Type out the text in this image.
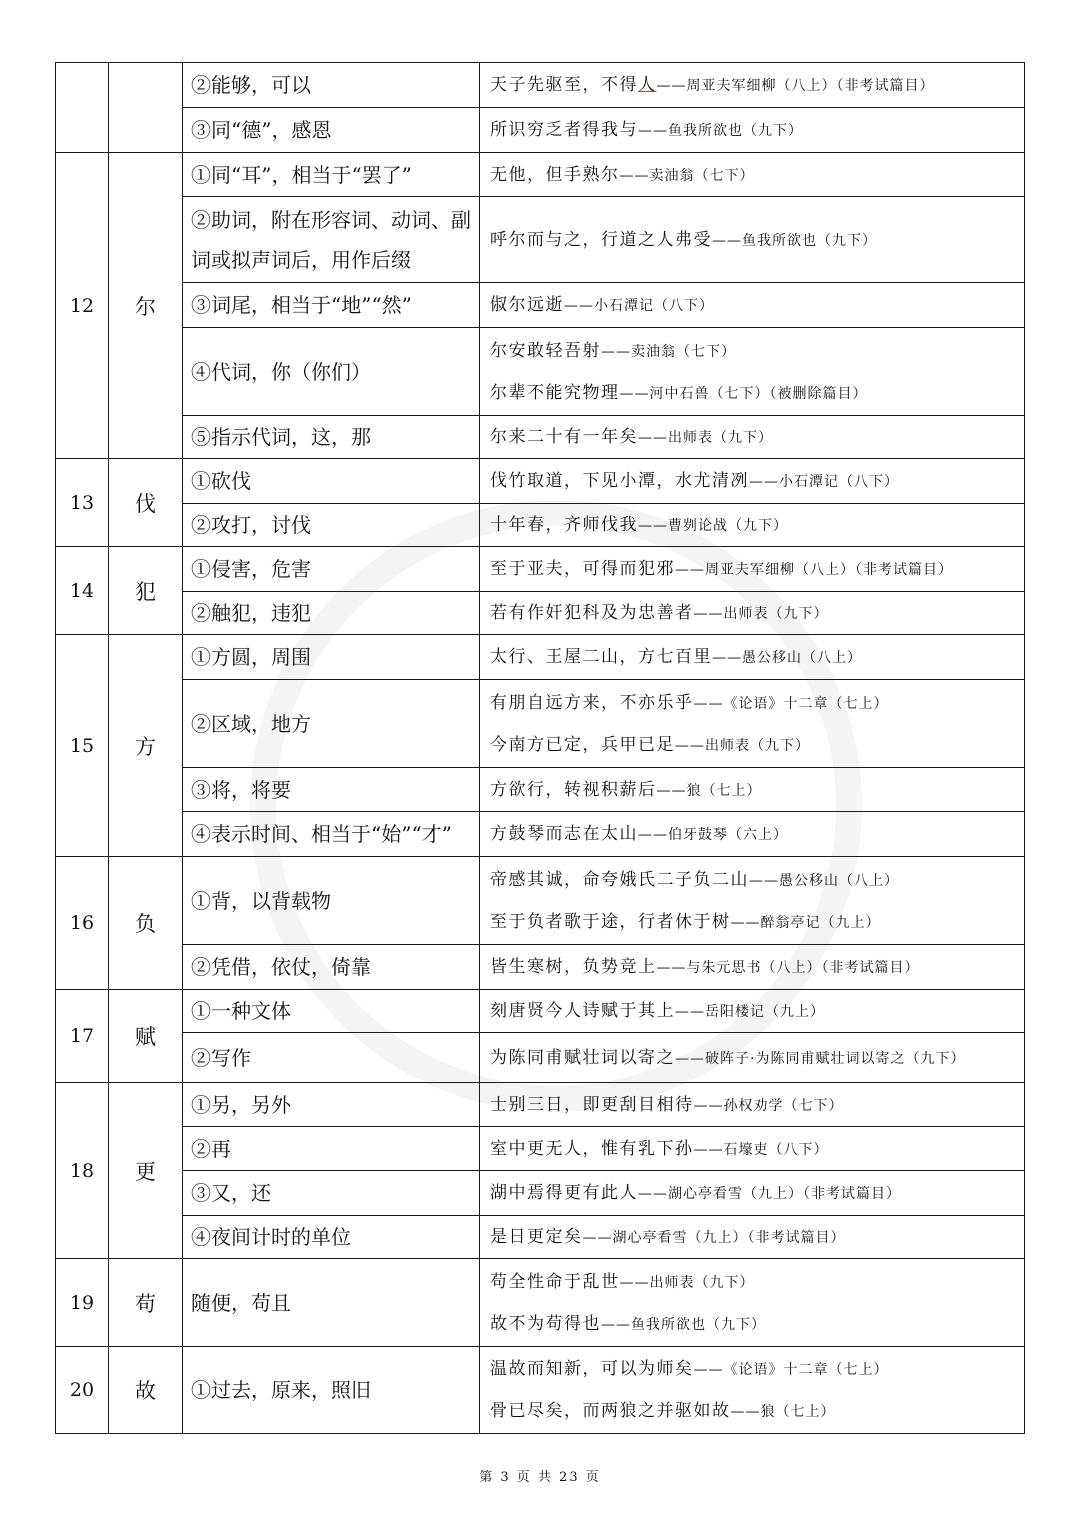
		②能够，可以	天子先驱至，不得人——周亚夫军细柳（八上）（非考试篇目）

		③同“德”，感恩	所识穷乏者得我与——鱼我所欲也（九下）

12	尔	①同“耳”，相当于“罢了”	无他，但手熟尔——卖油翁（七下）

		②助词，附在形容词、动词、副词或拟声词后，用作后缀	呼尔而与之，行道之人弗受——鱼我所欲也（九下）

		③词尾，相当于“地”“然”	俶尔远逝——小石潭记（八下）

		④代词，你（你们）	尔安敢轻吾射——卖油翁（七下）
尔辈不能究物理——河中石兽（七下）（被删除篇目）

		⑤指示代词，这，那	尔来二十有一年矣——出师表（九下）

13	伐	①砍伐	伐竹取道，下见小潭，水尤清冽——小石潭记（八下）

		②攻打，讨伐	十年春，齐师伐我——曹刿论战（九下）

14	犯	①侵害，危害	至于亚夫，可得而犯邪——周亚夫军细柳（八上）（非考试篇目）

		②触犯，违犯	若有作奸犯科及为忠善者——出师表（九下）

15	方	①方圆，周围	太行、王屋二山，方七百里——愚公移山（八上）

		②区域，地方	有朋自远方来，不亦乐乎——《论语》十二章（七上）
今南方已定，兵甲已足——出师表（九下）

		③将，将要	方欲行，转视积薪后——狼（七上）

		④表示时间、相当于“始”“才”	方鼓琴而志在太山——伯牙鼓琴（六上）

16	负	①背，以背载物	帝感其诚，命夸娥氏二子负二山——愚公移山（八上）
至于负者歌于途，行者休于树——醉翁亭记（九上）

		②凭借，依仗，倚靠	皆生寒树，负势竞上——与朱元思书（八上）（非考试篇目）

17	赋	①一种文体	刻唐贤今人诗赋于其上——岳阳楼记（九上）

		②写作	为陈同甫赋壮词以寄之——破阵子·为陈同甫赋壮词以寄之（九下）

18	更	①另，另外	士别三日，即更刮目相待——孙权劝学（七下）

		②再	室中更无人，惟有乳下孙——石壕吏（八下）

		③又，还	湖中焉得更有此人——湖心亭看雪（九上）（非考试篇目）

		④夜间计时的单位	是日更定矣——湖心亭看雪（九上）（非考试篇目）

19	苟	随便，苟且	苟全性命于乱世——出师表（九下）
故不为苟得也——鱼我所欲也（九下）

20	故	①过去，原来，照旧	温故而知新，可以为师矣——《论语》十二章（七上）
骨已尽矣，而两狼之并驱如故——狼（七上）
第 3 页 共 23 页
